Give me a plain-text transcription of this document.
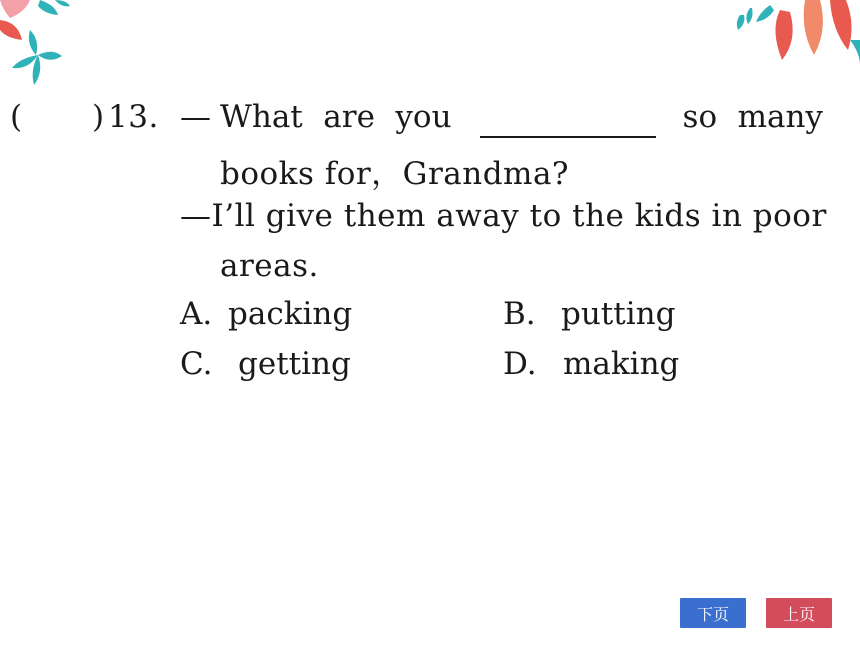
( ) 13. — What are you	so many
books for，Grandma?
—I’ll give them away to the kids in poor
areas.
A. packing	B. putting
C. getting	D. making
下页	上页
